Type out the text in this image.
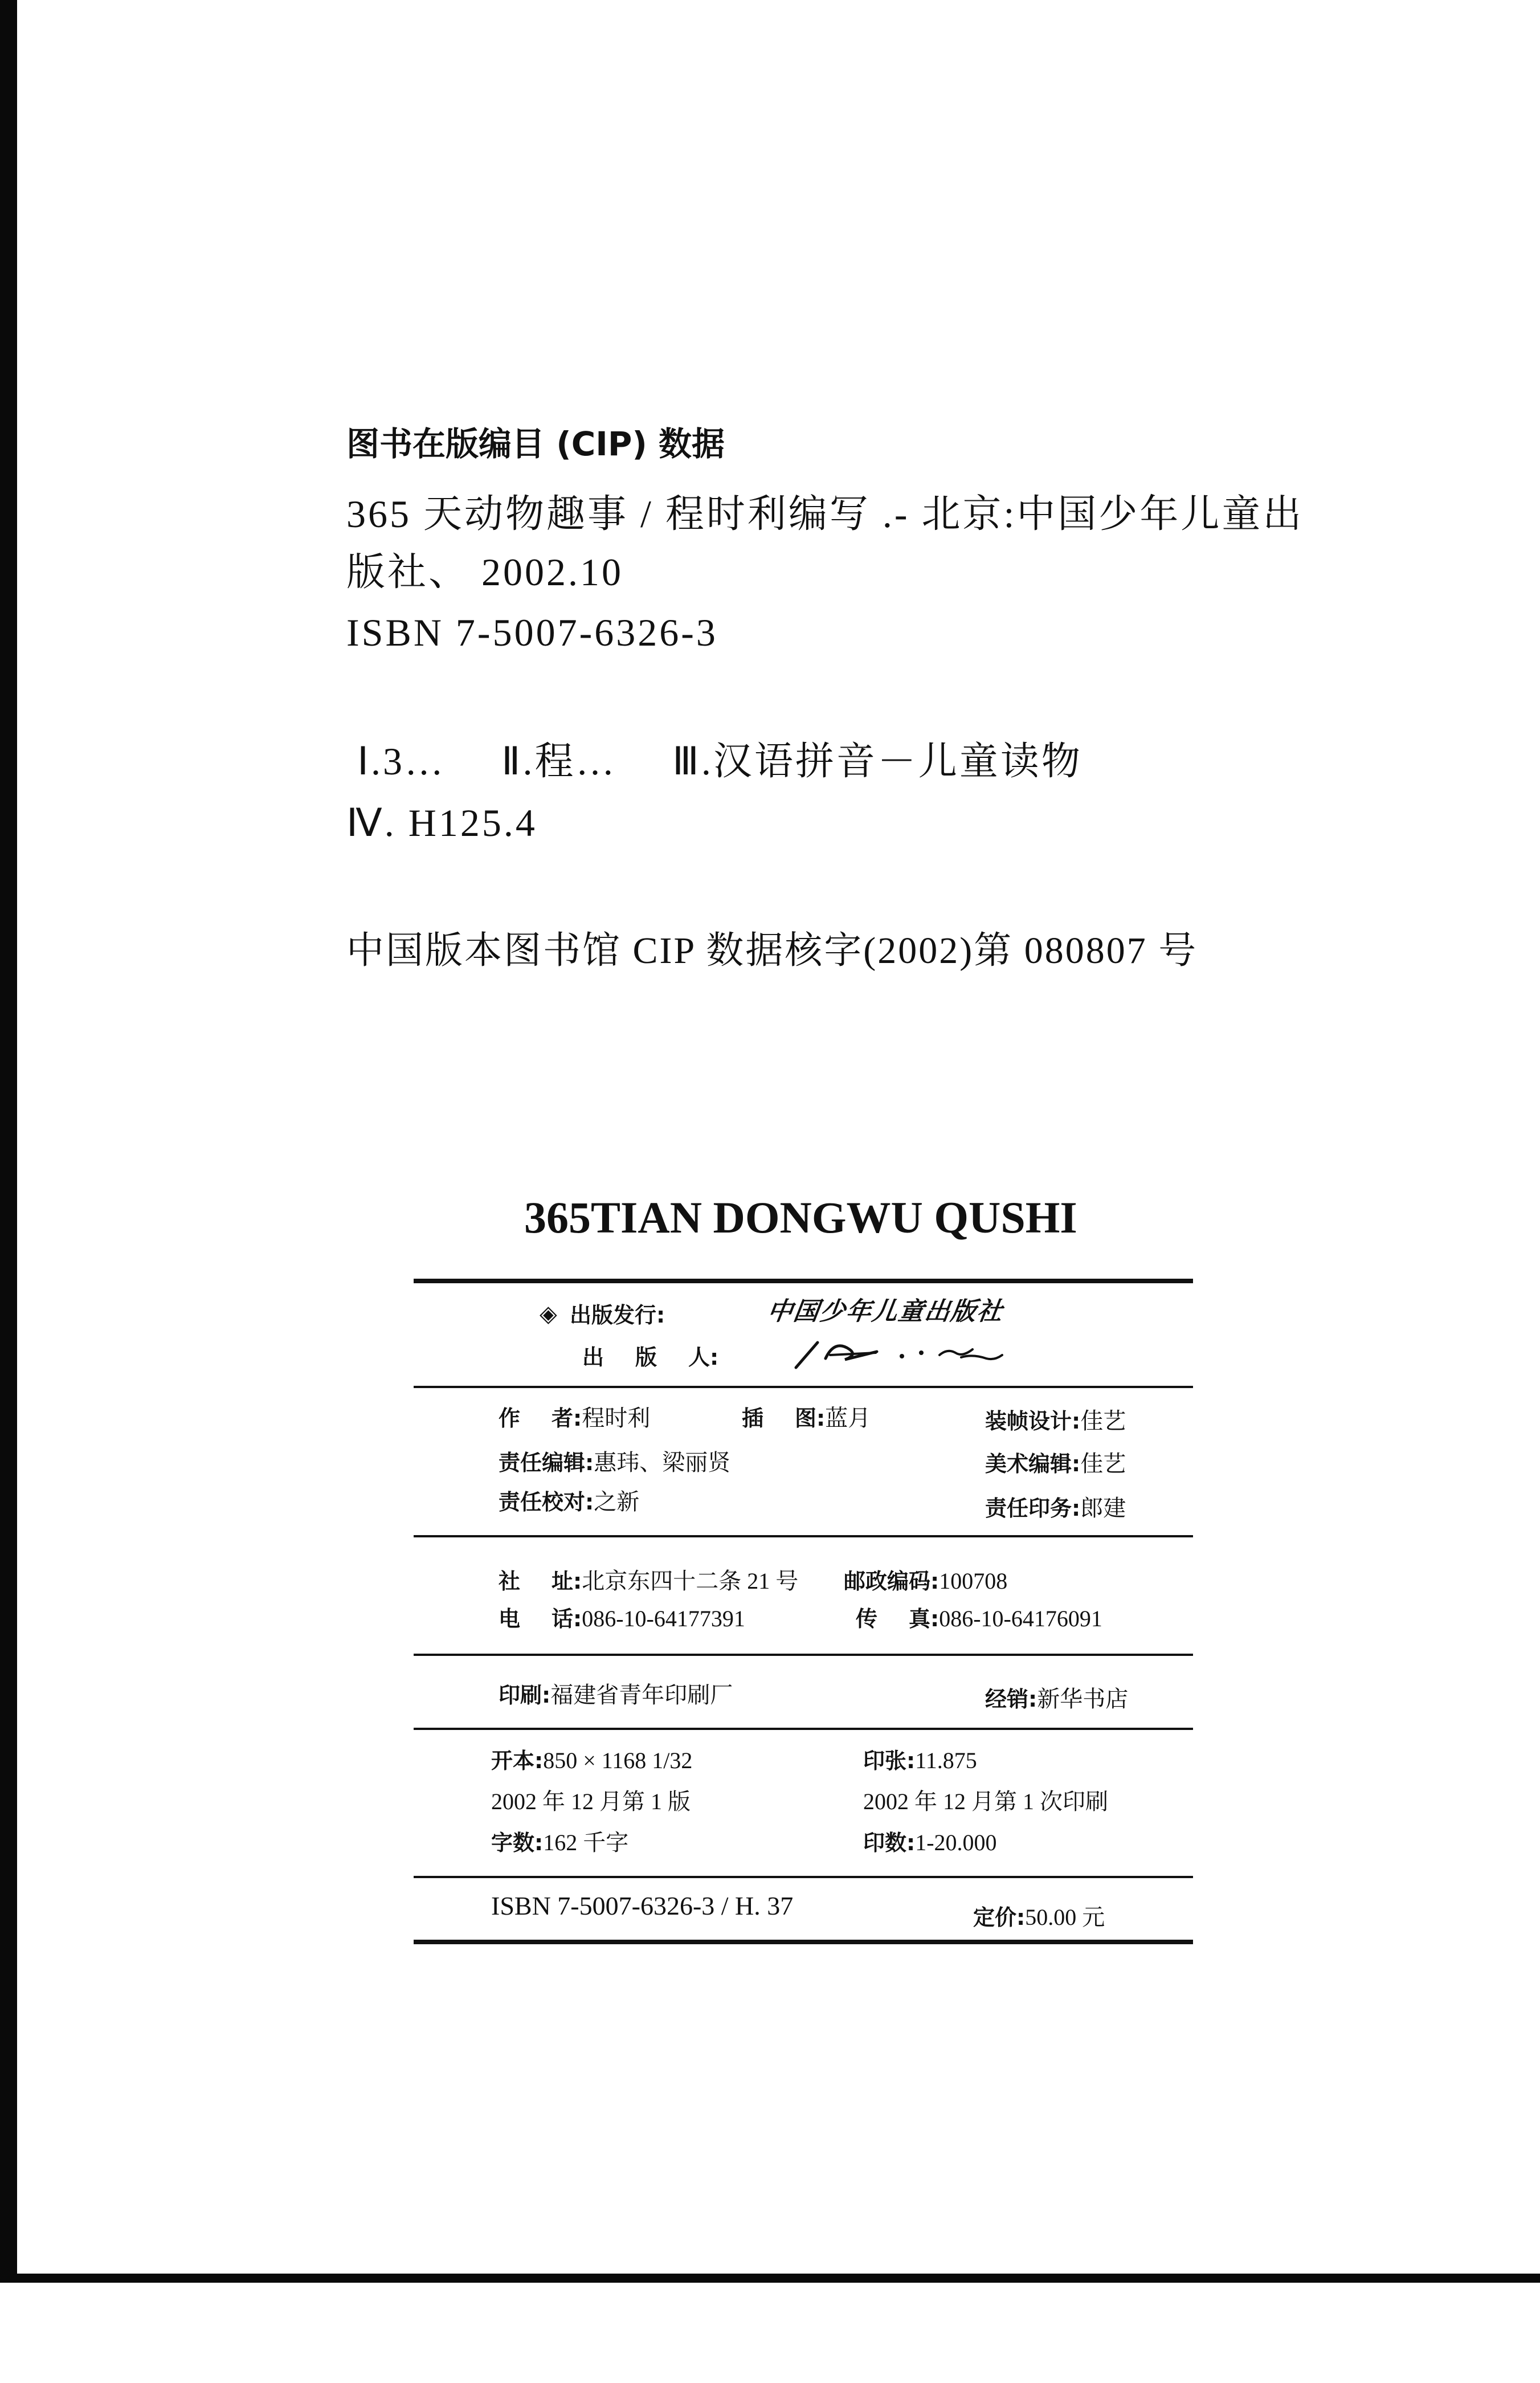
图书在版编目 (CIP) 数据
365 天动物趣事 / 程时利编写 .- 北京:中国少年儿童出
版社、 2002.10
ISBN 7-5007-6326-3
Ⅰ.3… Ⅱ.程… Ⅲ.汉语拼音－儿童读物
Ⅳ. H125.4
中国版本图书馆 CIP 数据核字(2002)第 080807 号
365TIAN DONGWU QUSHI
◈
出版发行:	中国少年儿童出版社
出 版 人:
作 者:程时利	插 图:蓝月	装帧设计:佳艺
责任编辑:惠玮、梁丽贤	美术编辑:佳艺
责任校对:之新	责任印务:郎建
社 址:北京东四十二条 21 号 邮政编码:100708
电 话:086-10-64177391	传 真:086-10-64176091
印刷:福建省青年印刷厂	经销:新华书店
开本:850 × 1168 1/32	印张:11.875
2002 年 12 月第 1 版	2002 年 12 月第 1 次印刷
字数:162 千字	印数:1-20.000
ISBN 7-5007-6326-3 / H. 37	定价:50.00 元
